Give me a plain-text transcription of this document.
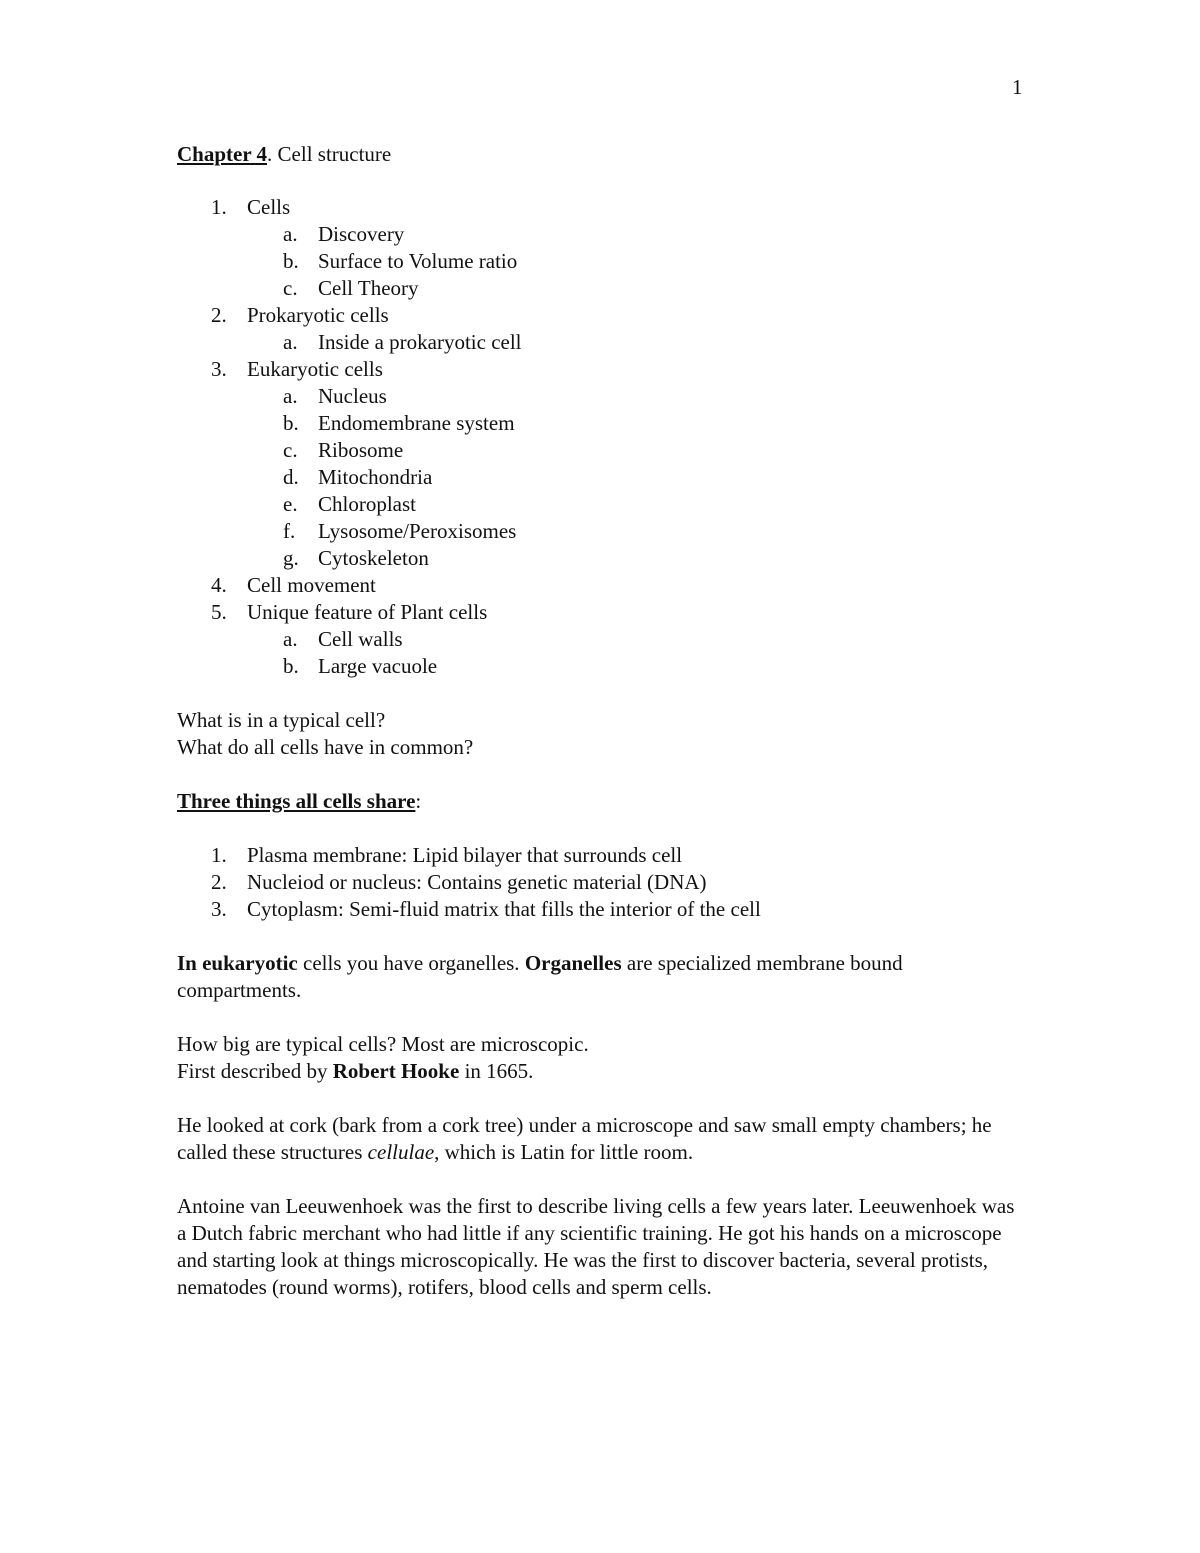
1
Chapter 4. Cell structure
1. Cells
a. Discovery
b. Surface to Volume ratio
c. Cell Theory
2. Prokaryotic cells
a. Inside a prokaryotic cell
3. Eukaryotic cells
a. Nucleus
b. Endomembrane system
c. Ribosome
d. Mitochondria
e. Chloroplast
f. Lysosome/Peroxisomes
g. Cytoskeleton
4. Cell movement
5. Unique feature of Plant cells
a. Cell walls
b. Large vacuole

What is in a typical cell?

What do all cells have in common?

Three things all cells share:

1. Plasma membrane: Lipid bilayer that surrounds cell
2. Nucleiod or nucleus: Contains genetic material (DNA)
3. Cytoplasm: Semi-fluid matrix that fills the interior of the cell

In eukaryotic cells you have organelles. Organelles are specialized membrane bound compartments.

How big are typical cells? Most are microscopic.

First described by Robert Hooke in 1665.

He looked at cork (bark from a cork tree) under a microscope and saw small empty chambers; he called these structures cellulae, which is Latin for little room.

Antoine van Leeuwenhoek was the first to describe living cells a few years later. Leeuwenhoek was a Dutch fabric merchant who had little if any scientific training. He got his hands on a microscope and starting look at things microscopically. He was the first to discover bacteria, several protists, nematodes (round worms), rotifers, blood cells and sperm cells.
